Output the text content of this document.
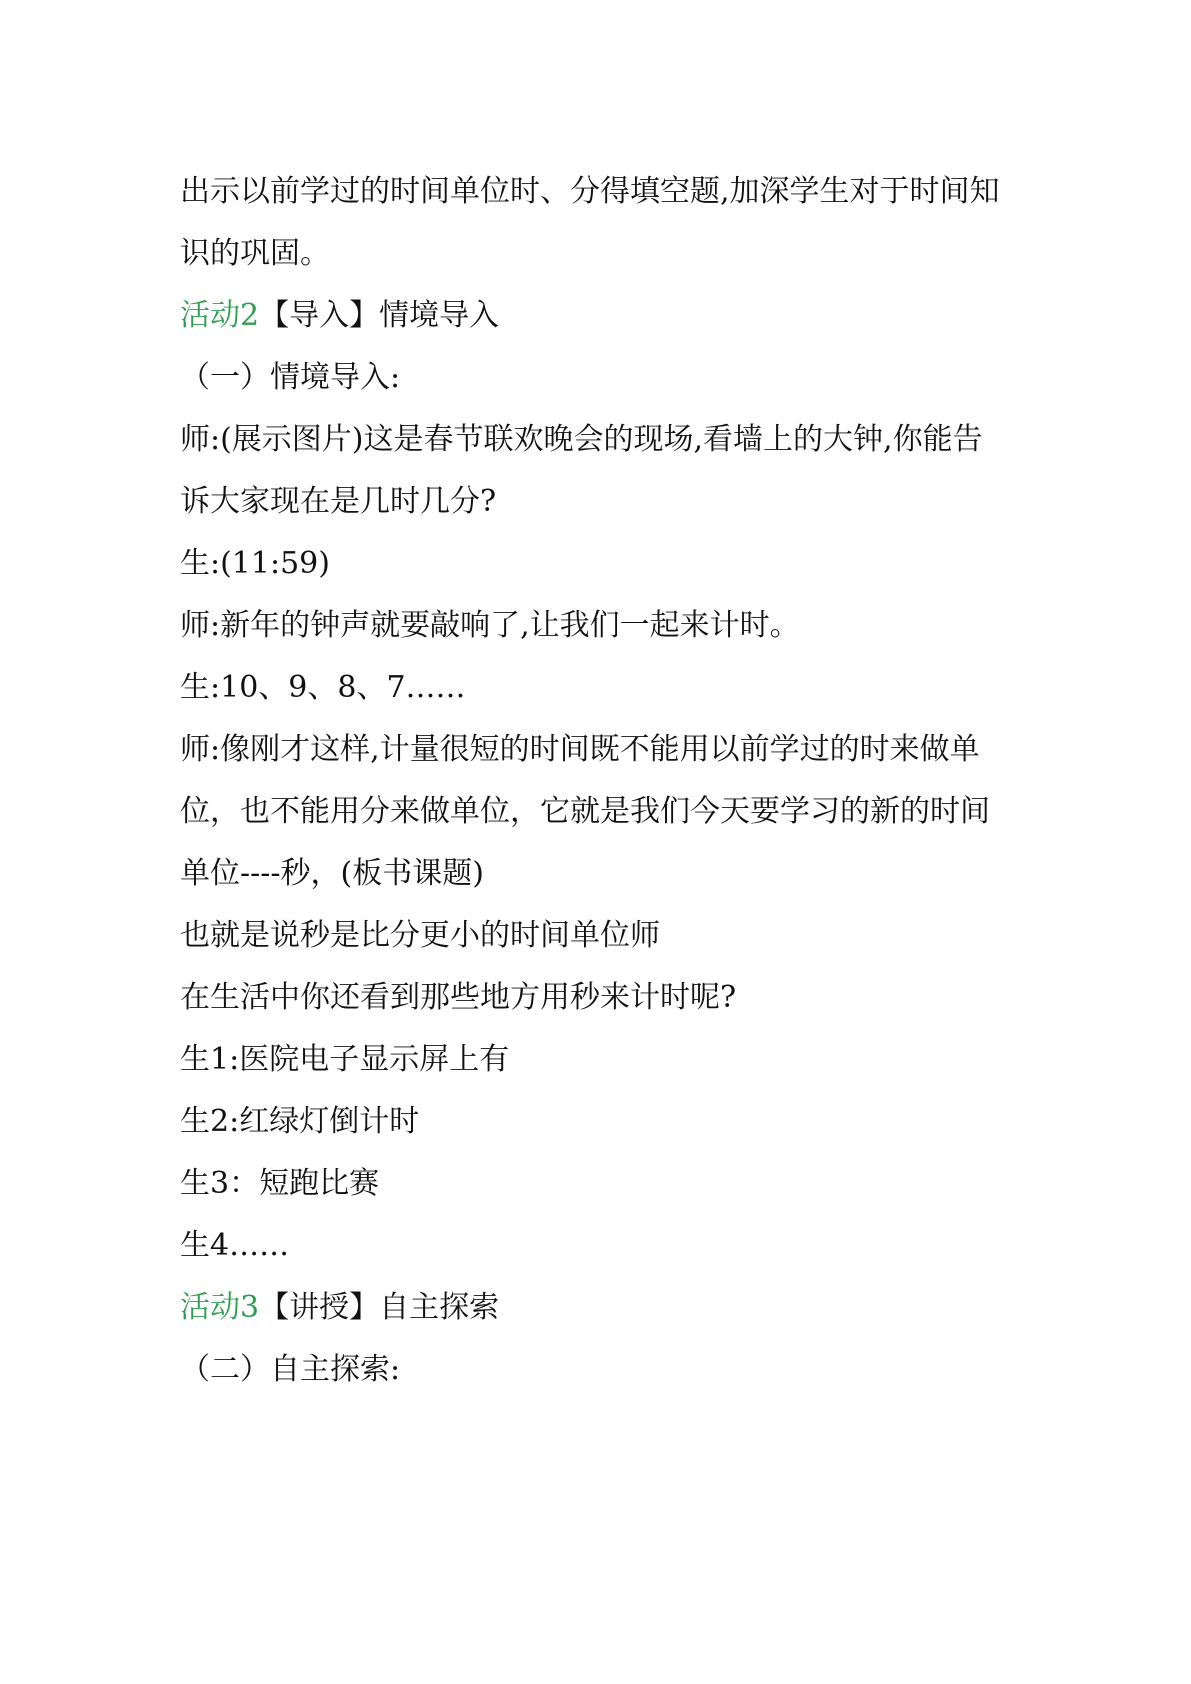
出示以前学过的时间单位时、分得填空题,加深学生对于时间知
识的巩固。
活动2【导入】情境导入
（一）情境导入:
师:(展示图片)这是春节联欢晚会的现场,看墙上的大钟,你能告
诉大家现在是几时几分?
生:(11:59)
师:新年的钟声就要敲响了,让我们一起来计时。
生:10、9、8、7……
师:像刚才这样,计量很短的时间既不能用以前学过的时来做单
位，也不能用分来做单位，它就是我们今天要学习的新的时间
单位----秒，(板书课题)
也就是说秒是比分更小的时间单位师
在生活中你还看到那些地方用秒来计时呢?
生1:医院电子显示屏上有
生2:红绿灯倒计时
生3：短跑比赛
生4……
活动3【讲授】自主探索
（二）自主探索:
